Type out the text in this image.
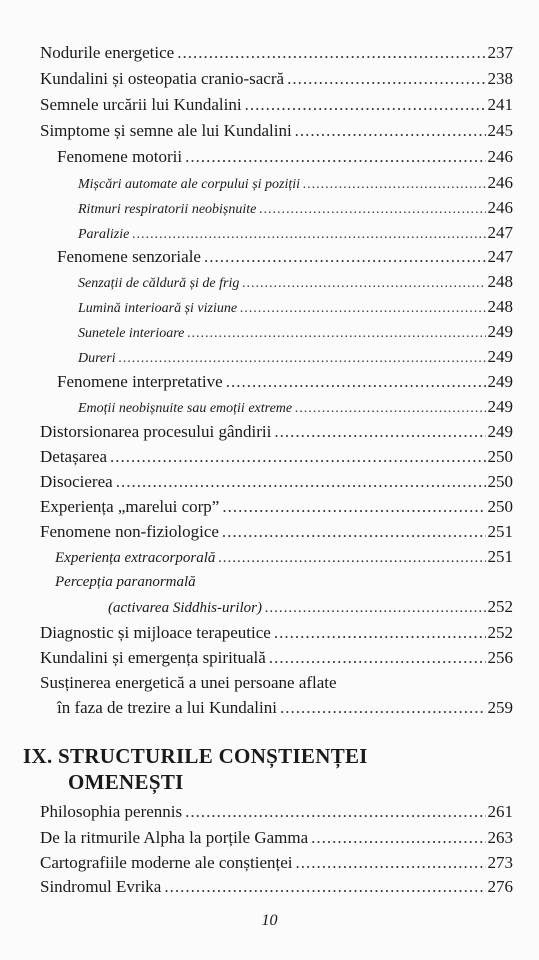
Nodurile energetice .....	237
Kundalini și osteopatia cranio-sacră .....	238
Semnele urcării lui Kundalini .....	241
Simptome și semne ale lui Kundalini .....	245
Fenomene motorii .....	246
Mișcări automate ale corpului și poziții .....	246
Ritmuri respiratorii neobișnuite .....	246
Paralizie .....	247
Fenomene senzoriale .....	247
Senzații de căldură și de frig .....	248
Lumină interioară și viziune .....	248
Sunetele interioare .....	249
Dureri .....	249
Fenomene interpretative .....	249
Emoții neobișnuite sau emoții extreme .....	249
Distorsionarea procesului gândirii .....	249
Detașarea .....	250
Disocierea .....	250
Experiența „marelui corp” .....	250
Fenomene non-fiziologice .....	251
Experiența extracorporală .....	251
Percepția paranormală
(activarea Siddhis-urilor) .....	252
Diagnostic și mijloace terapeutice .....	252
Kundalini și emergența spirituală .....	256
Susținerea energetică a unei persoane aflate
în faza de trezire a lui Kundalini .....	259
IX. STRUCTURILE CONȘTIENȚEI
OMENEȘTI
Philosophia perennis .....	261
De la ritmurile Alpha la porțile Gamma .....	263
Cartografiile moderne ale conștienței .....	273
Sindromul Evrika .....	276
10
